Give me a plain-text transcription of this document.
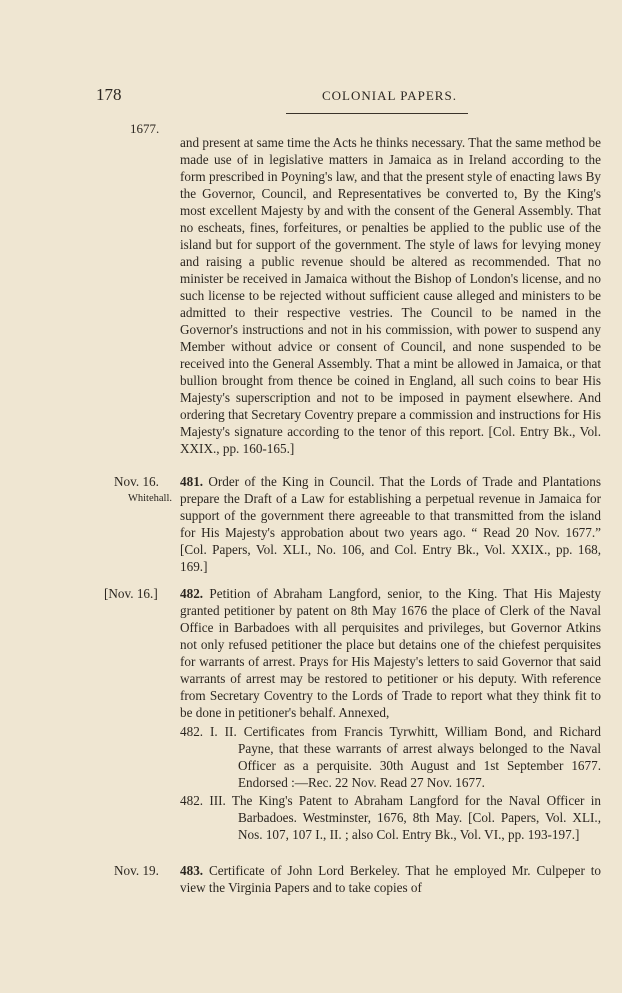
178	COLONIAL PAPERS.
1677.
and present at same time the Acts he thinks necessary. That the same method be made use of in legislative matters in Jamaica as in Ireland according to the form prescribed in Poyning's law, and that the present style of enacting laws By the Governor, Council, and Representatives be converted to, By the King's most excellent Majesty by and with the consent of the General Assembly. That no escheats, fines, forfeitures, or penalties be applied to the public use of the island but for support of the government. The style of laws for levying money and raising a public revenue should be altered as recommended. That no minister be received in Jamaica without the Bishop of London's license, and no such license to be rejected without sufficient cause alleged and ministers to be admitted to their respective vestries. The Council to be named in the Governor's instructions and not in his commission, with power to suspend any Member without advice or consent of Council, and none suspended to be received into the General Assembly. That a mint be allowed in Jamaica, or that bullion brought from thence be coined in England, all such coins to bear His Majesty's superscription and not to be imposed in payment elsewhere. And ordering that Secretary Coventry prepare a commission and instructions for His Majesty's signature according to the tenor of this report. [Col. Entry Bk., Vol. XXIX., pp. 160-165.]
Nov. 16.
Whitehall.
481. Order of the King in Council. That the Lords of Trade and Plantations prepare the Draft of a Law for establishing a perpetual revenue in Jamaica for support of the government there agreeable to that transmitted from the island for His Majesty's approbation about two years ago. “ Read 20 Nov. 1677.” [Col. Papers, Vol. XLI., No. 106, and Col. Entry Bk., Vol. XXIX., pp. 168, 169.]
[Nov. 16.] 482. Petition of Abraham Langford, senior, to the King. That His Majesty granted petitioner by patent on 8th May 1676 the place of Clerk of the Naval Office in Barbadoes with all perquisites and privileges, but Governor Atkins not only refused petitioner the place but detains one of the chiefest perquisites for warrants of arrest. Prays for His Majesty's letters to said Governor that said warrants of arrest may be restored to petitioner or his deputy. With reference from Secretary Coventry to the Lords of Trade to report what they think fit to be done in petitioner's behalf. Annexed,
482. I. II. Certificates from Francis Tyrwhitt, William Bond, and Richard Payne, that these warrants of arrest always belonged to the Naval Officer as a perquisite. 30th August and 1st September 1677. Endorsed :—Rec. 22 Nov. Read 27 Nov. 1677.
482. III. The King's Patent to Abraham Langford for the Naval Officer in Barbadoes. Westminster, 1676, 8th May. [Col. Papers, Vol. XLI., Nos. 107, 107 I., II. ; also Col. Entry Bk., Vol. VI., pp. 193-197.]
Nov. 19. 483. Certificate of John Lord Berkeley. That he employed Mr. Culpeper to view the Virginia Papers and to take copies of
